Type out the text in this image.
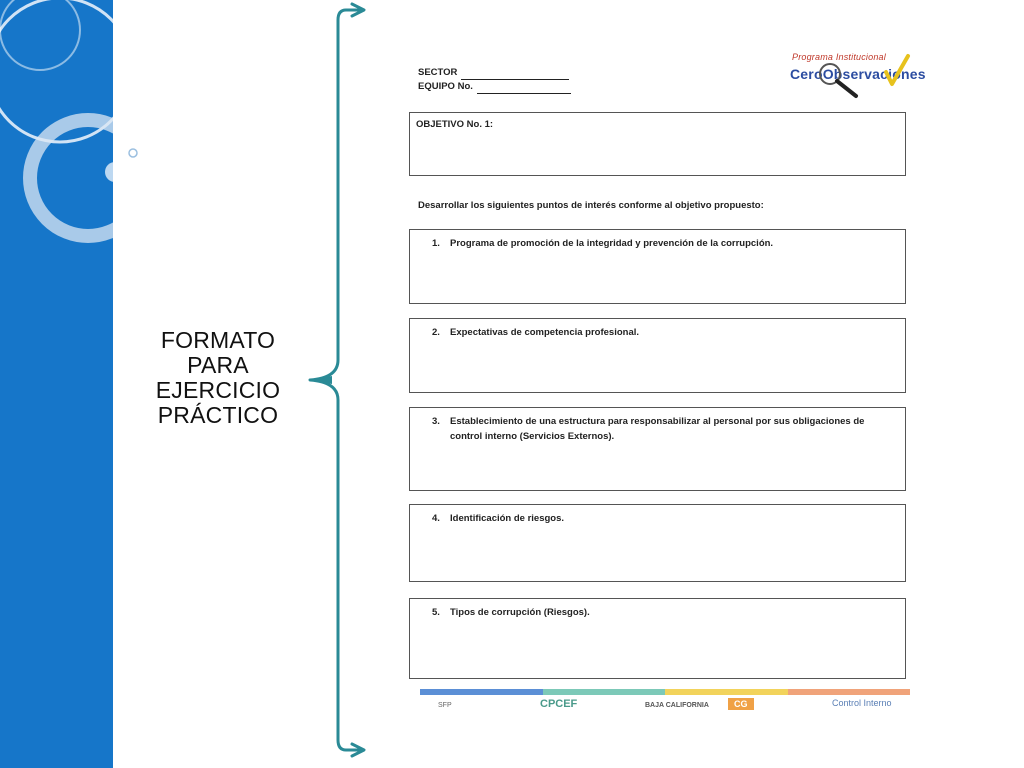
FORMATO
PARA
EJERCICIO
PRÁCTICO
SECTOR
EQUIPO No.
Programa Institucional
CeroObservaciones
OBJETIVO No. 1:
Desarrollar los siguientes puntos de interés conforme al objetivo propuesto:
1.	Programa de promoción de la integridad y prevención de la corrupción.
2.	Expectativas de competencia profesional.
3.	Establecimiento de una estructura para responsabilizar al personal por sus obligaciones de control interno (Servicios Externos).
4.	Identificación de riesgos.
5.	Tipos de corrupción (Riesgos).
SFP	CPCEF	BAJA CALIFORNIA	CG	Control Interno
